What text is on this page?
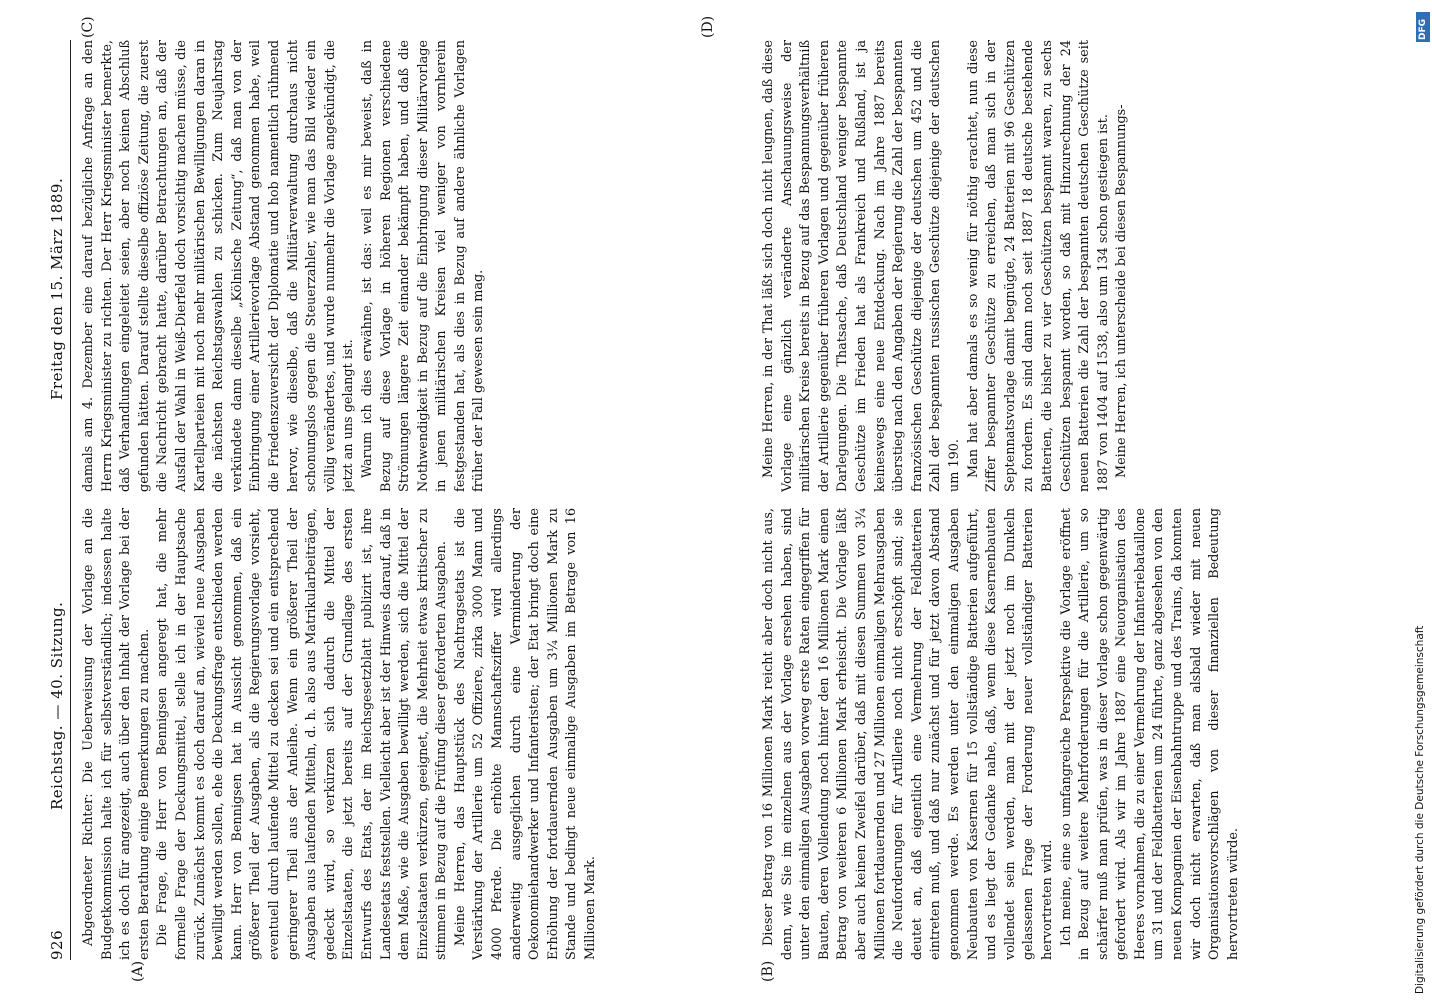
926
Reichstag. — 40. Sitzung.
Freitag den 15. März 1889.
(A)	(B)
(C)	(D)

Abgeordneter Richter: Die Ueberweisung der Vorlage an die Budgetkommission halte ich für selbstverständlich; indessen halte ich es doch für angezeigt, auch über den Inhalt der Vorlage bei der ersten Berathung einige Bemerkungen zu machen. Die Frage, die Herr von Bennigsen angeregt hat, die mehr formelle Frage der Deckungsmittel, stelle ich in der Hauptsache zurück. Zunächst kommt es doch darauf an, wieviel neue Ausgaben bewilligt werden sollen, ehe die Deckungsfrage entschieden werden kann. Herr von Bennigsen hat in Aussicht genommen, daß ein größerer Theil der Ausgaben, als die Regierungsvorlage vorsieht, eventuell durch laufende Mittel zu decken sei und ein entsprechend geringerer Theil aus der Anleihe. Wenn ein größerer Theil der Ausgaben aus laufenden Mitteln, d. h. also aus Matrikularbeiträgen, gedeckt wird, so verkürzen sich dadurch die Mittel der Einzelstaaten, die jetzt bereits auf der Grundlage des ersten Entwurfs des Etats, der im Reichsgesetzblatt publizirt ist, ihre Landesetats feststellen. Vielleicht aber ist der Hinweis darauf, daß in dem Maße, wie die Ausgaben bewilligt werden, sich die Mittel der Einzelstaaten verkürzen, geeignet, die Mehrheit etwas kritischer zu stimmen in Bezug auf die Prüfung dieser geforderten Ausgaben. Meine Herren, das Hauptstück des Nachtragsetats ist die Verstärkung der Artillerie um 52 Offiziere, zirka 3000 Mann und 4000 Pferde. Die erhöhte Mannschaftsziffer wird allerdings anderweitig ausgeglichen durch eine Verminderung der Oekonomiehandwerker und Infanteristen; der Etat bringt doch eine Erhöhung der fortdauernden Ausgaben um 3¼ Millionen Mark zu Stande und bedingt neue einmalige Ausgaben im Betrage von 16 Millionen Mark.

damals am 4. Dezember eine darauf bezügliche Anfrage an den Herrn Kriegsminister zu richten. Der Herr Kriegsminister bemerkte, daß Verhandlungen eingeleitet seien, aber noch keinen Abschluß gefunden hätten. Darauf stellte dieselbe offiziöse Zeitung, die zuerst die Nachricht gebracht hatte, darüber Betrachtungen an, daß der Ausfall der Wahl in Weiß-Dierfeld doch vorsichtig machen müsse, die Kartellparteien mit noch mehr militärischen Bewilligungen daran in die nächsten Reichstagswahlen zu schicken. Zum Neujahrstag verkündete dann dieselbe „Kölnische Zeitung“, daß man von der Einbringung einer Artillerievorlage Abstand genommen habe, weil die Friedenszuversicht der Diplomatie und hob namentlich rühmend hervor, wie dieselbe, daß die Militärverwaltung durchaus nicht schonungslos gegen die Steuerzahler, wie man das Bild wieder ein völlig verändertes, und wurde nunmehr die Vorlage angekündigt, die jetzt an uns gelangt ist. Warum ich dies erwähne, ist das: weil es mir beweist, daß in Bezug auf diese Vorlage in höheren Regionen verschiedene Strömungen längere Zeit einander bekämpft haben, und daß die Nothwendigkeit in Bezug auf die Einbringung dieser Militärvorlage in jenen militärischen Kreisen viel weniger von vornherein festgestanden hat, als dies in Bezug auf andere ähnliche Vorlagen früher der Fall gewesen sein mag.

Dieser Betrag von 16 Millionen Mark reicht aber doch nicht aus, denn, wie Sie im einzelnen aus der Vorlage ersehen haben, sind unter den einmaligen Ausgaben vorweg erste Raten eingegriffen für Bauten, deren Vollendung noch hinter den 16 Millionen Mark einen Betrag von weiteren 6 Millionen Mark erheischt. Die Vorlage läßt aber auch keinen Zweifel darüber, daß mit diesen Summen von 3¼ Millionen fortdauernden und 27 Millionen einmaligen Mehrausgaben die Neuforderungen für Artillerie noch nicht erschöpft sind; sie deutet an, daß eigentlich eine Vermehrung der Feldbatterien eintreten muß, und daß nur zunächst und für jetzt davon Abstand genommen werde. Es werden unter den einmaligen Ausgaben Neubauten von Kasernen für 15 vollständige Batterien aufgeführt, und es liegt der Gedanke nahe, daß, wenn diese Kasernenbauten vollendet sein werden, man mit der jetzt noch im Dunkeln gelassenen Frage der Forderung neuer vollständiger Batterien hervortreten wird. Ich meine, eine so umfangreiche Perspektive die Vorlage eröffnet in Bezug auf weitere Mehrforderungen für die Artillerie, um so schärfer muß man prüfen, was in dieser Vorlage schon gegenwärtig gefordert wird. Als wir im Jahre 1887 eine Neuorganisation des Heeres vornahmen, die zu einer Vermehrung der Infanteriebataillone um 31 und der Feldbatterien um 24 führte, ganz abgesehen von den neuen Kompagnien der Eisenbahntruppe und des Trains, da konnten wir doch nicht erwarten, daß man alsbald wieder mit neuen Organisationsvorschlägen von dieser finanziellen Bedeutung hervortreten würde.

Meine Herren, in der That läßt sich doch nicht leugnen, daß diese Vorlage eine gänzlich veränderte Anschauungsweise der militärischen Kreise bereits in Bezug auf das Bespannungsverhältniß der Artillerie gegenüber früheren Vorlagen und gegenüber früheren Darlegungen. Die Thatsache, daß Deutschland weniger bespannte Geschütze im Frieden hat als Frankreich und Rußland, ist ja keineswegs eine neue Entdeckung. Nach im Jahre 1887 bereits überstieg nach den Angaben der Regierung die Zahl der bespannten französischen Geschütze diejenige der deutschen um 452 und die Zahl der bespannten russischen Geschütze diejenige der deutschen um 190. Man hat aber damals es so wenig für nöthig erachtet, nun diese Ziffer bespannter Geschütze zu erreichen, daß man sich in der Septennatsvorlage damit begnügte, 24 Batterien mit 96 Geschützen zu fordern. Es sind dann noch seit 1887 18 deutsche bestehende Batterien, die bisher zu vier Geschützen bespannt waren, zu sechs Geschützen bespannt worden, so daß mit Hinzurechnung der 24 neuen Batterien die Zahl der bespannten deutschen Geschütze seit 1887 von 1404 auf 1538, also um 134 schon gestiegen ist. Meine Herren, ich unterscheide bei diesen Bespannungs-

DFG
Digitalisierung gefördert durch die Deutsche Forschungsgemeinschaft
